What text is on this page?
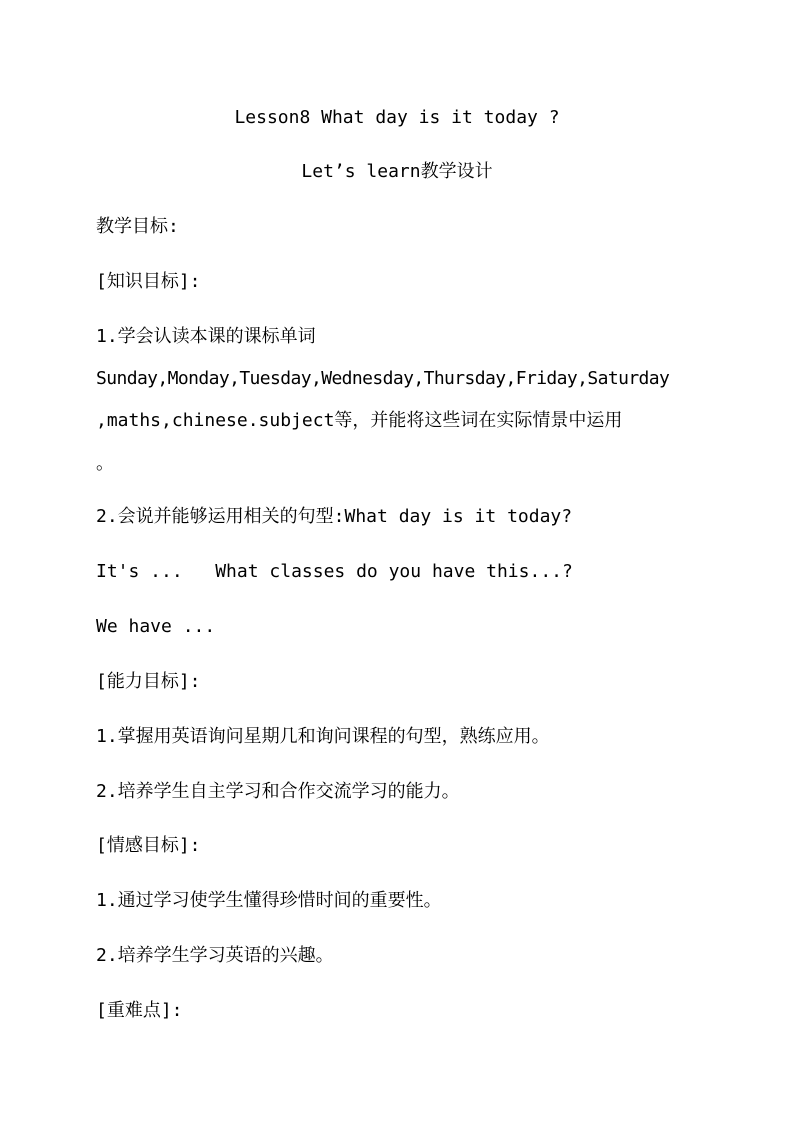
Lesson8 What day is it today ?
Let’s learn教学设计
教学目标:
[知识目标]:
1.学会认读本课的课标单词
Sunday,Monday,Tuesday,Wednesday,Thursday,Friday,Saturday
,maths,chinese.subject等，并能将这些词在实际情景中运用
。
2.会说并能够运用相关的句型:What day is it today?
It's ...   What classes do you have this...?
We have ...
[能力目标]:
1.掌握用英语询问星期几和询问课程的句型，熟练应用。
2.培养学生自主学习和合作交流学习的能力。
[情感目标]:
1.通过学习使学生懂得珍惜时间的重要性。
2.培养学生学习英语的兴趣。
[重难点]:
